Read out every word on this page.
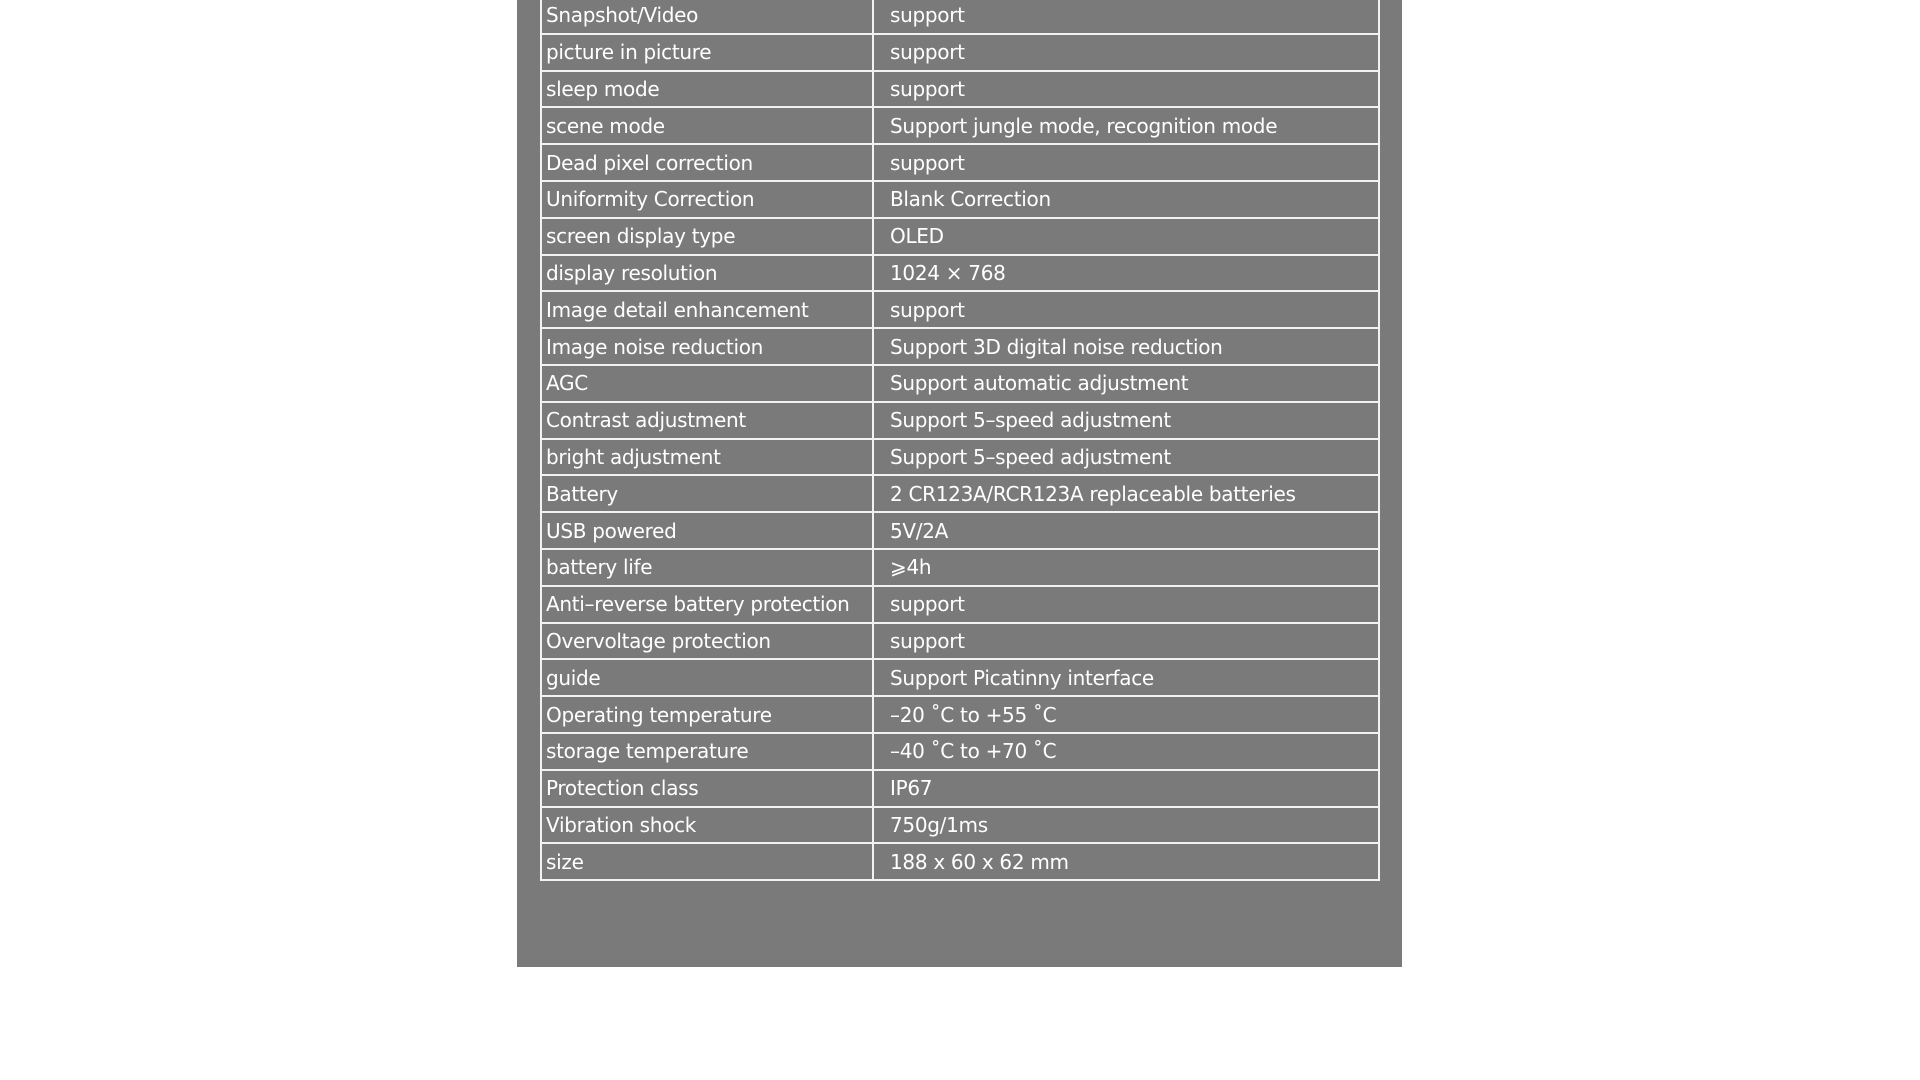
Snapshot/Video	support
picture in picture	support
sleep mode	support
scene mode	Support jungle mode, recognition mode
Dead pixel correction	support
Uniformity Correction	Blank Correction
screen display type	OLED
display resolution	1024 × 768
Image detail enhancement	support
Image noise reduction	Support 3D digital noise reduction
AGC	Support automatic adjustment
Contrast adjustment	Support 5–speed adjustment
bright adjustment	Support 5–speed adjustment
Battery	2 CR123A/RCR123A replaceable batteries
USB powered	5V/2A
battery life	⩾4h
Anti–reverse battery protection	support
Overvoltage protection	support
guide	Support Picatinny interface
Operating temperature	–20 ˚C to +55 ˚C
storage temperature	–40 ˚C to +70 ˚C
Protection class	IP67
Vibration shock	750g/1ms
size	188 x 60 x 62 mm
